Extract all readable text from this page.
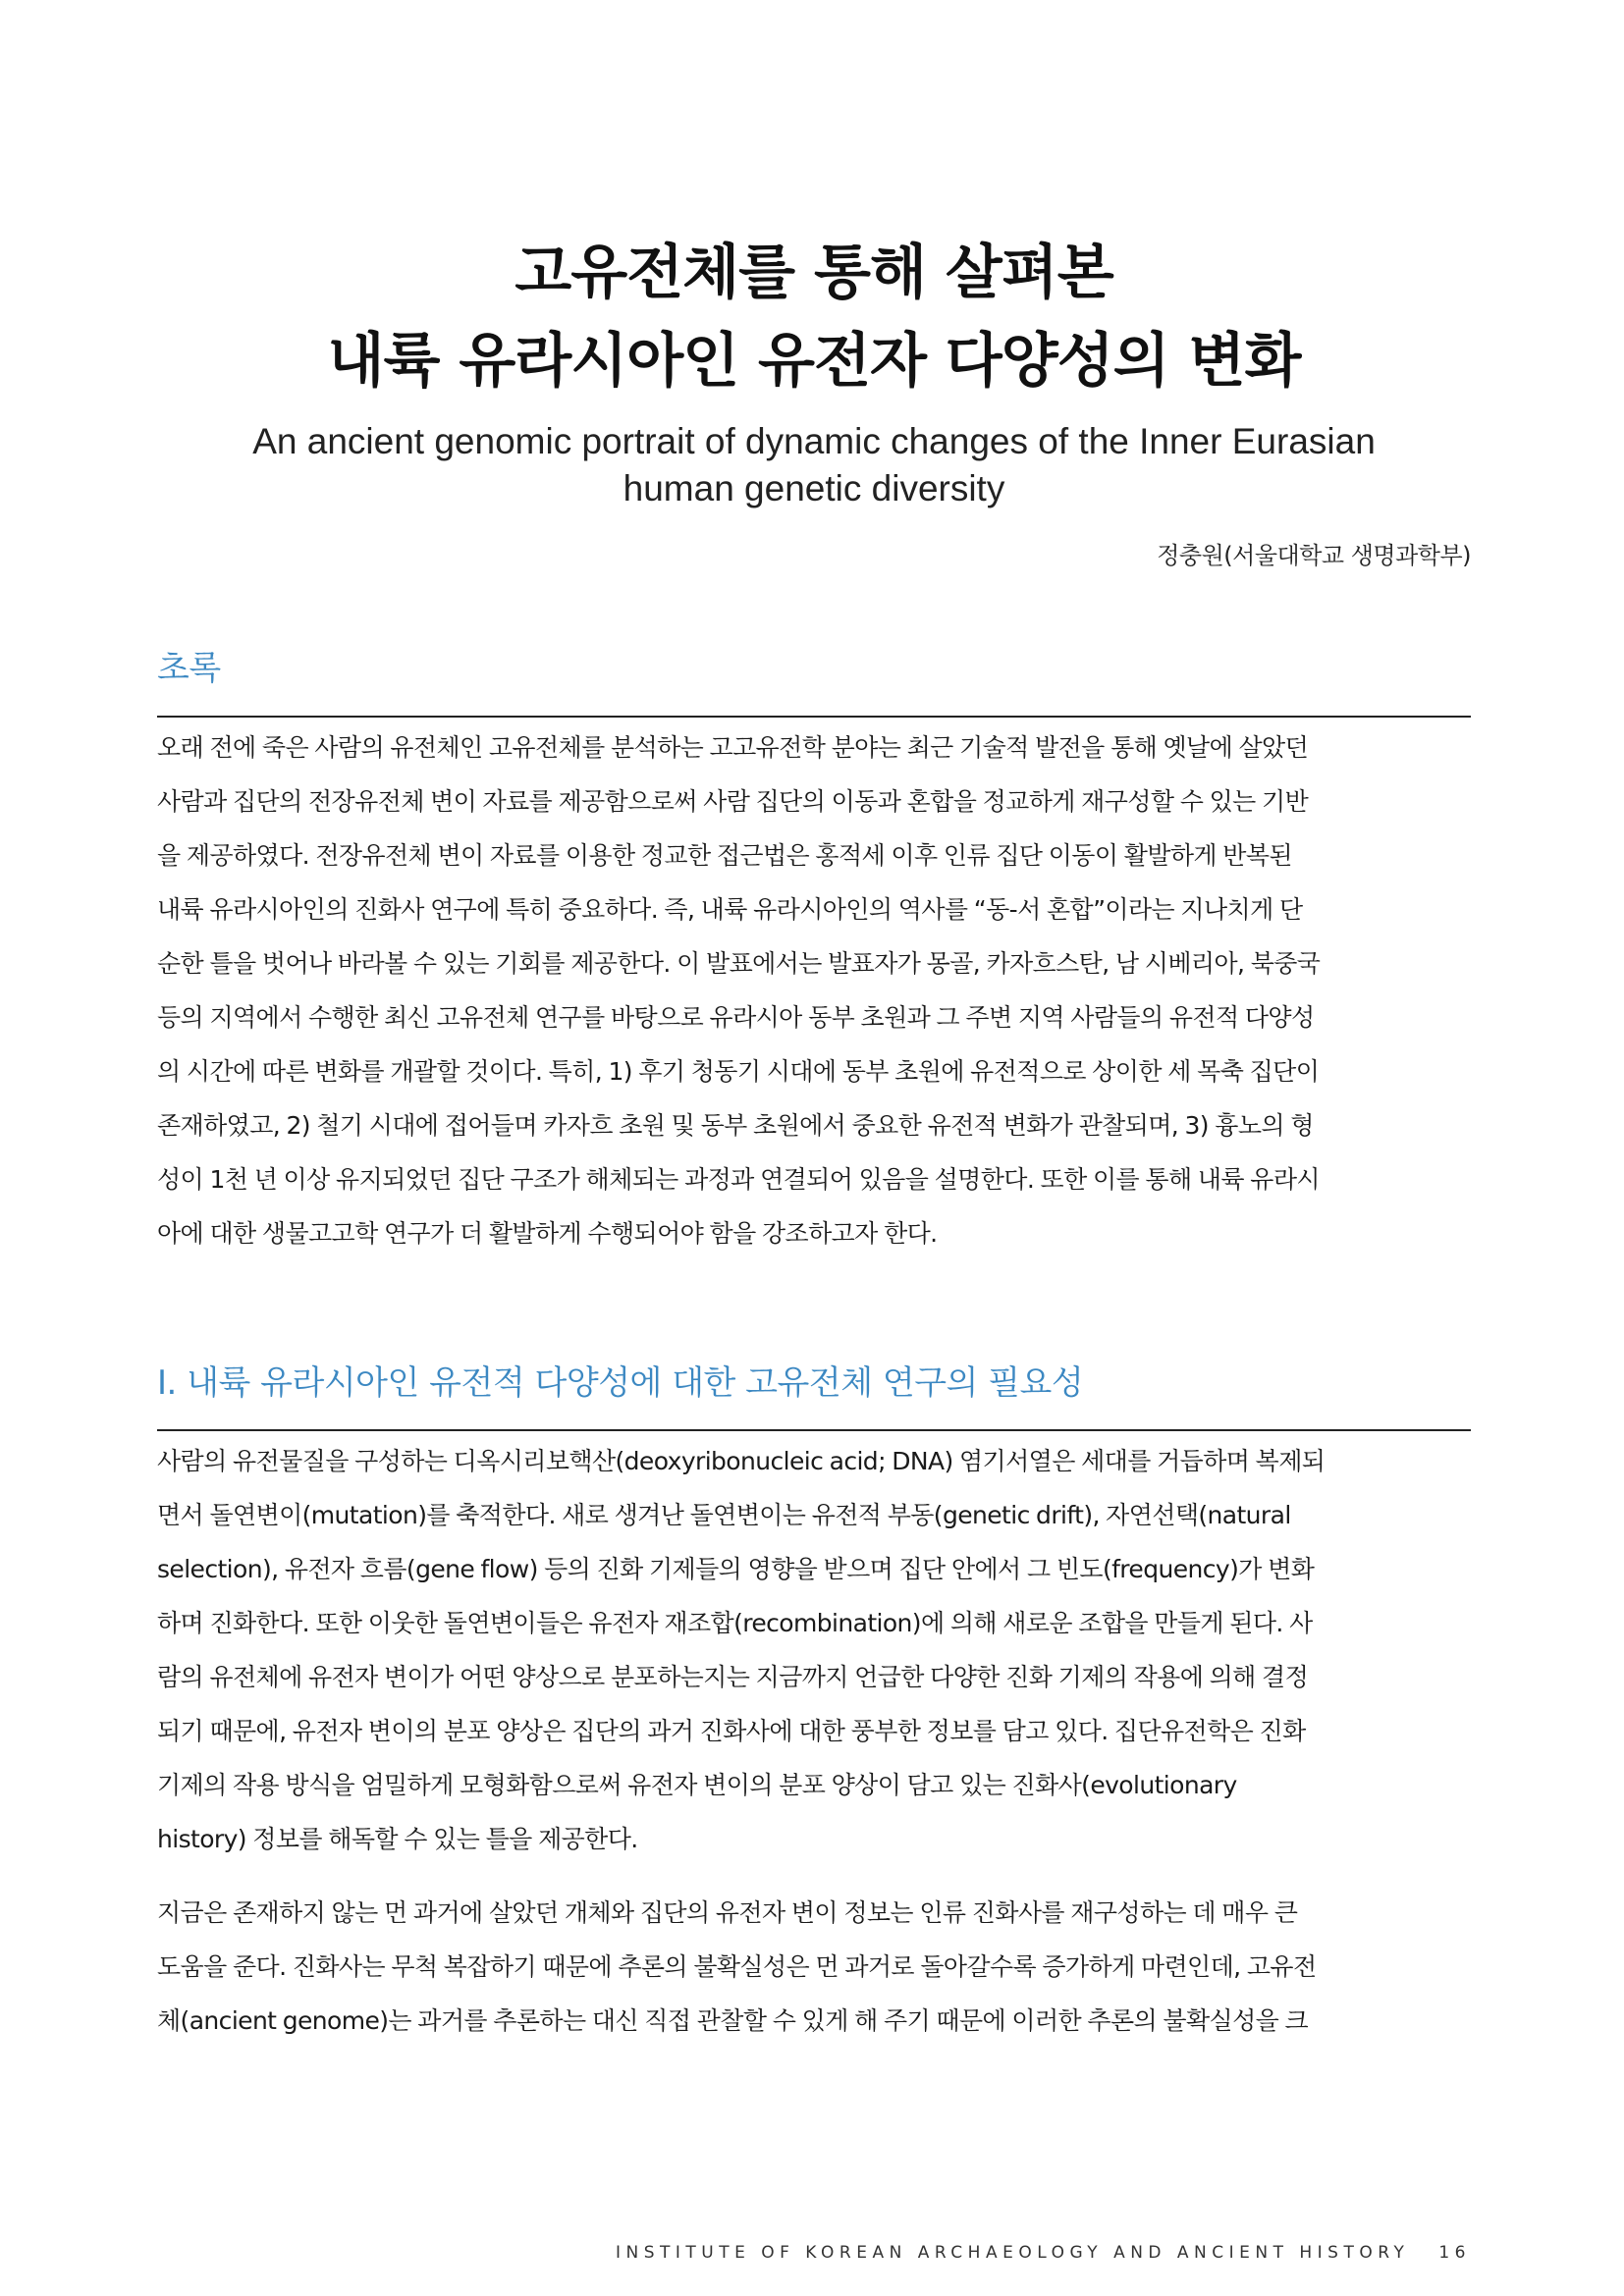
고유전체를 통해 살펴본
내륙 유라시아인 유전자 다양성의 변화
An ancient genomic portrait of dynamic changes of the Inner Eurasian
human genetic diversity
정충원(서울대학교 생명과학부)
초록
오래 전에 죽은 사람의 유전체인 고유전체를 분석하는 고고유전학 분야는 최근 기술적 발전을 통해 옛날에 살았던
사람과 집단의 전장유전체 변이 자료를 제공함으로써 사람 집단의 이동과 혼합을 정교하게 재구성할 수 있는 기반
을 제공하였다. 전장유전체 변이 자료를 이용한 정교한 접근법은 홍적세 이후 인류 집단 이동이 활발하게 반복된
내륙 유라시아인의 진화사 연구에 특히 중요하다. 즉, 내륙 유라시아인의 역사를 “동-서 혼합”이라는 지나치게 단
순한 틀을 벗어나 바라볼 수 있는 기회를 제공한다. 이 발표에서는 발표자가 몽골, 카자흐스탄, 남 시베리아, 북중국
등의 지역에서 수행한 최신 고유전체 연구를 바탕으로 유라시아 동부 초원과 그 주변 지역 사람들의 유전적 다양성
의 시간에 따른 변화를 개괄할 것이다. 특히, 1) 후기 청동기 시대에 동부 초원에 유전적으로 상이한 세 목축 집단이
존재하였고, 2) 철기 시대에 접어들며 카자흐 초원 및 동부 초원에서 중요한 유전적 변화가 관찰되며, 3) 흉노의 형
성이 1천 년 이상 유지되었던 집단 구조가 해체되는 과정과 연결되어 있음을 설명한다. 또한 이를 통해 내륙 유라시
아에 대한 생물고고학 연구가 더 활발하게 수행되어야 함을 강조하고자 한다.
I. 내륙 유라시아인 유전적 다양성에 대한 고유전체 연구의 필요성
사람의 유전물질을 구성하는 디옥시리보핵산(deoxyribonucleic acid; DNA) 염기서열은 세대를 거듭하며 복제되
면서 돌연변이(mutation)를 축적한다. 새로 생겨난 돌연변이는 유전적 부동(genetic drift), 자연선택(natural
selection), 유전자 흐름(gene flow) 등의 진화 기제들의 영향을 받으며 집단 안에서 그 빈도(frequency)가 변화
하며 진화한다. 또한 이웃한 돌연변이들은 유전자 재조합(recombination)에 의해 새로운 조합을 만들게 된다. 사
람의 유전체에 유전자 변이가 어떤 양상으로 분포하는지는 지금까지 언급한 다양한 진화 기제의 작용에 의해 결정
되기 때문에, 유전자 변이의 분포 양상은 집단의 과거 진화사에 대한 풍부한 정보를 담고 있다. 집단유전학은 진화
기제의 작용 방식을 엄밀하게 모형화함으로써 유전자 변이의 분포 양상이 담고 있는 진화사(evolutionary
history) 정보를 해독할 수 있는 틀을 제공한다.
지금은 존재하지 않는 먼 과거에 살았던 개체와 집단의 유전자 변이 정보는 인류 진화사를 재구성하는 데 매우 큰
도움을 준다. 진화사는 무척 복잡하기 때문에 추론의 불확실성은 먼 과거로 돌아갈수록 증가하게 마련인데, 고유전
체(ancient genome)는 과거를 추론하는 대신 직접 관찰할 수 있게 해 주기 때문에 이러한 추론의 불확실성을 크
INSTITUTE OF KOREAN ARCHAEOLOGY AND ANCIENT HISTORY 16
